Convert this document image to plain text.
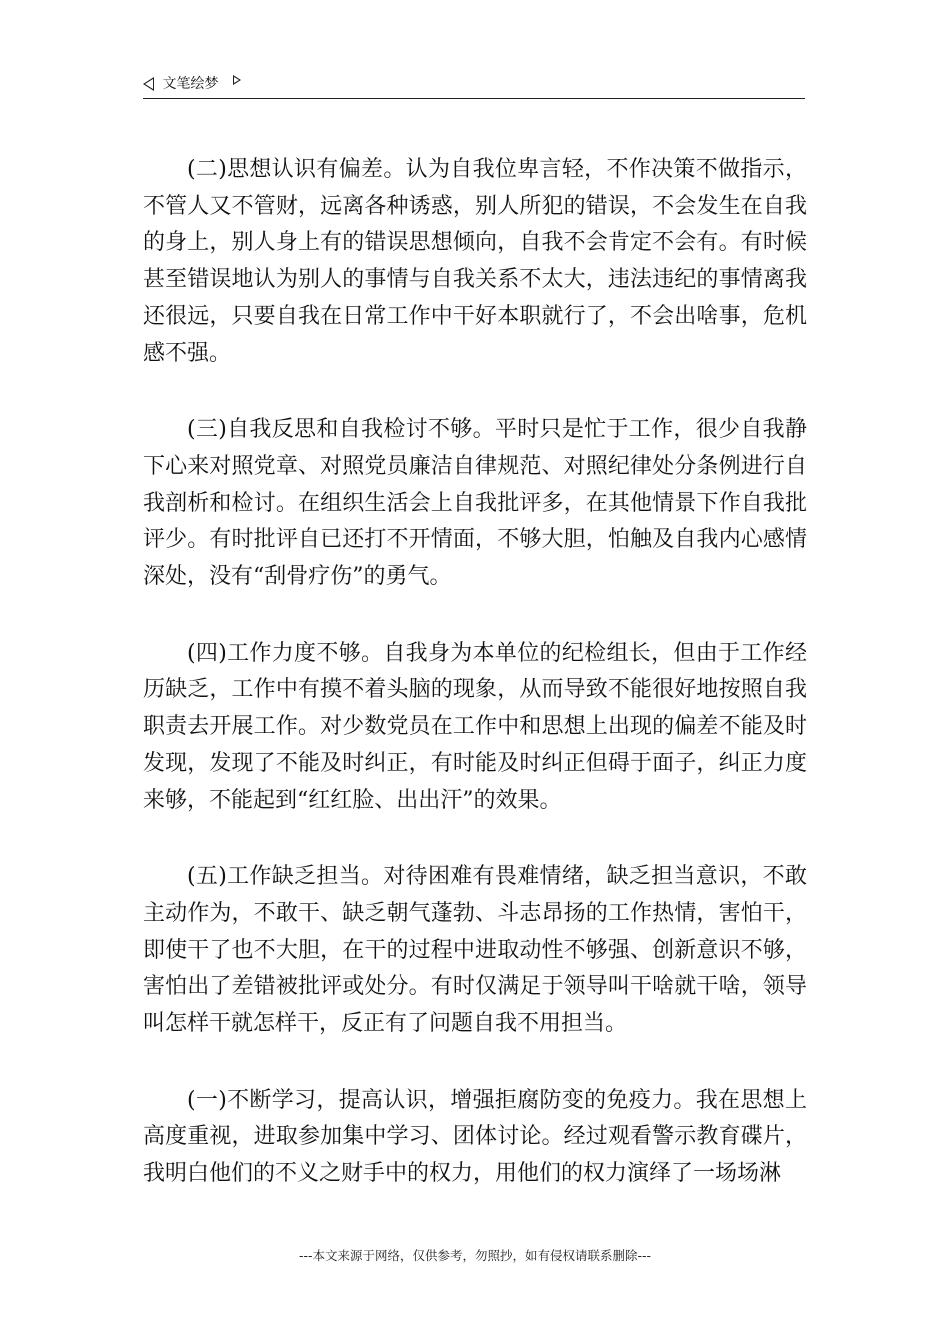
文笔绘梦

(二)思想认识有偏差。认为自我位卑言轻，不作决策不做指示，不管人又不管财，远离各种诱惑，别人所犯的错误，不会发生在自我的身上，别人身上有的错误思想倾向，自我不会肯定不会有。有时候甚至错误地认为别人的事情与自我关系不太大，违法违纪的事情离我还很远，只要自我在日常工作中干好本职就行了，不会出啥事，危机感不强。

(三)自我反思和自我检讨不够。平时只是忙于工作，很少自我静下心来对照党章、对照党员廉洁自律规范、对照纪律处分条例进行自我剖析和检讨。在组织生活会上自我批评多，在其他情景下作自我批评少。有时批评自已还打不开情面，不够大胆，怕触及自我内心感情深处，没有“刮骨疗伤”的勇气。

(四)工作力度不够。自我身为本单位的纪检组长，但由于工作经历缺乏，工作中有摸不着头脑的现象，从而导致不能很好地按照自我职责去开展工作。对少数党员在工作中和思想上出现的偏差不能及时发现，发现了不能及时纠正，有时能及时纠正但碍于面子，纠正力度来够，不能起到“红红脸、出出汗”的效果。

(五)工作缺乏担当。对待困难有畏难情绪，缺乏担当意识，不敢主动作为，不敢干、缺乏朝气蓬勃、斗志昂扬的工作热情，害怕干，即使干了也不大胆，在干的过程中进取动性不够强、创新意识不够，害怕出了差错被批评或处分。有时仅满足于领导叫干啥就干啥，领导叫怎样干就怎样干，反正有了问题自我不用担当。

(一)不断学习，提高认识，增强拒腐防变的免疫力。我在思想上高度重视，进取参加集中学习、团体讨论。经过观看警示教育碟片，我明白他们的不义之财手中的权力，用他们的权力演绎了一场场淋

---本文来源于网络，仅供参考，勿照抄，如有侵权请联系删除---
